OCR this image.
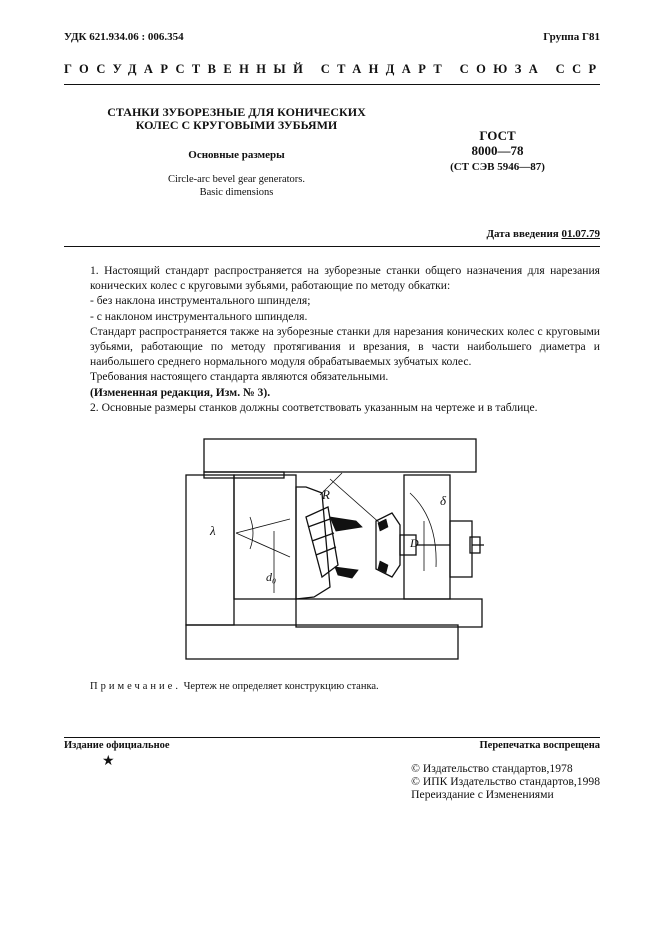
УДК 621.934.06 : 006.354	Группа Г81
ГОСУДАРСТВЕННЫЙ СТАНДАРТ СОЮЗА ССР
СТАНКИ ЗУБОРЕЗНЫЕ ДЛЯ КОНИЧЕСКИХ
КОЛЕС С КРУГОВЫМИ ЗУБЬЯМИ
Основные размеры
Circle-arc bevel gear generators.
Basic dimensions
ГОСТ
8000—78
(СТ СЭВ 5946—87)
Дата введения 01.07.79

1. Настоящий стандарт распространяется на зуборезные станки общего назначения для нарезания конических колес с круговыми зубьями, работающие по методу обкатки:

- без наклона инструментального шпинделя;

- с наклоном инструментального шпинделя.

Стандарт распространяется также на зуборезные станки для нарезания конических колес с круговыми зубьями, работающие по методу протягивания и врезания, в части наибольшего диаметра и наибольшего среднего нормального модуля обрабатываемых зубчатых колес.

Требования настоящего стандарта являются обязательными.

(Измененная редакция, Изм. № 3).

2. Основные размеры станков должны соответствовать указанным на чертеже и в таблице.

λ
d₀
R	δ
D
Примечание. Чертеж не определяет конструкцию станка.
Издание официальное
★
Перепечатка воспрещена
© Издательство стандартов,1978
© ИПК Издательство стандартов,1998
Переиздание с Изменениями
